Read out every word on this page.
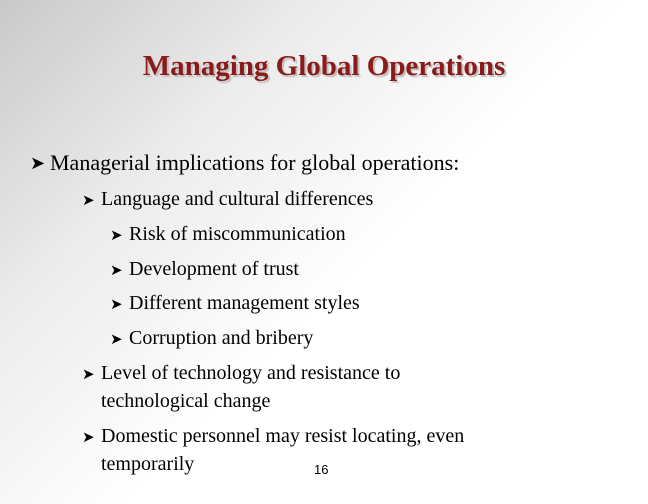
Managing Global Operations
➤ Managerial implications for global operations:
➤ Language and cultural differences
➤ Risk of miscommunication
➤ Development of trust
➤ Different management styles
➤ Corruption and bribery
➤ Level of technology and resistance to
technological change
➤ Domestic personnel may resist locating, even
temporarily	16
